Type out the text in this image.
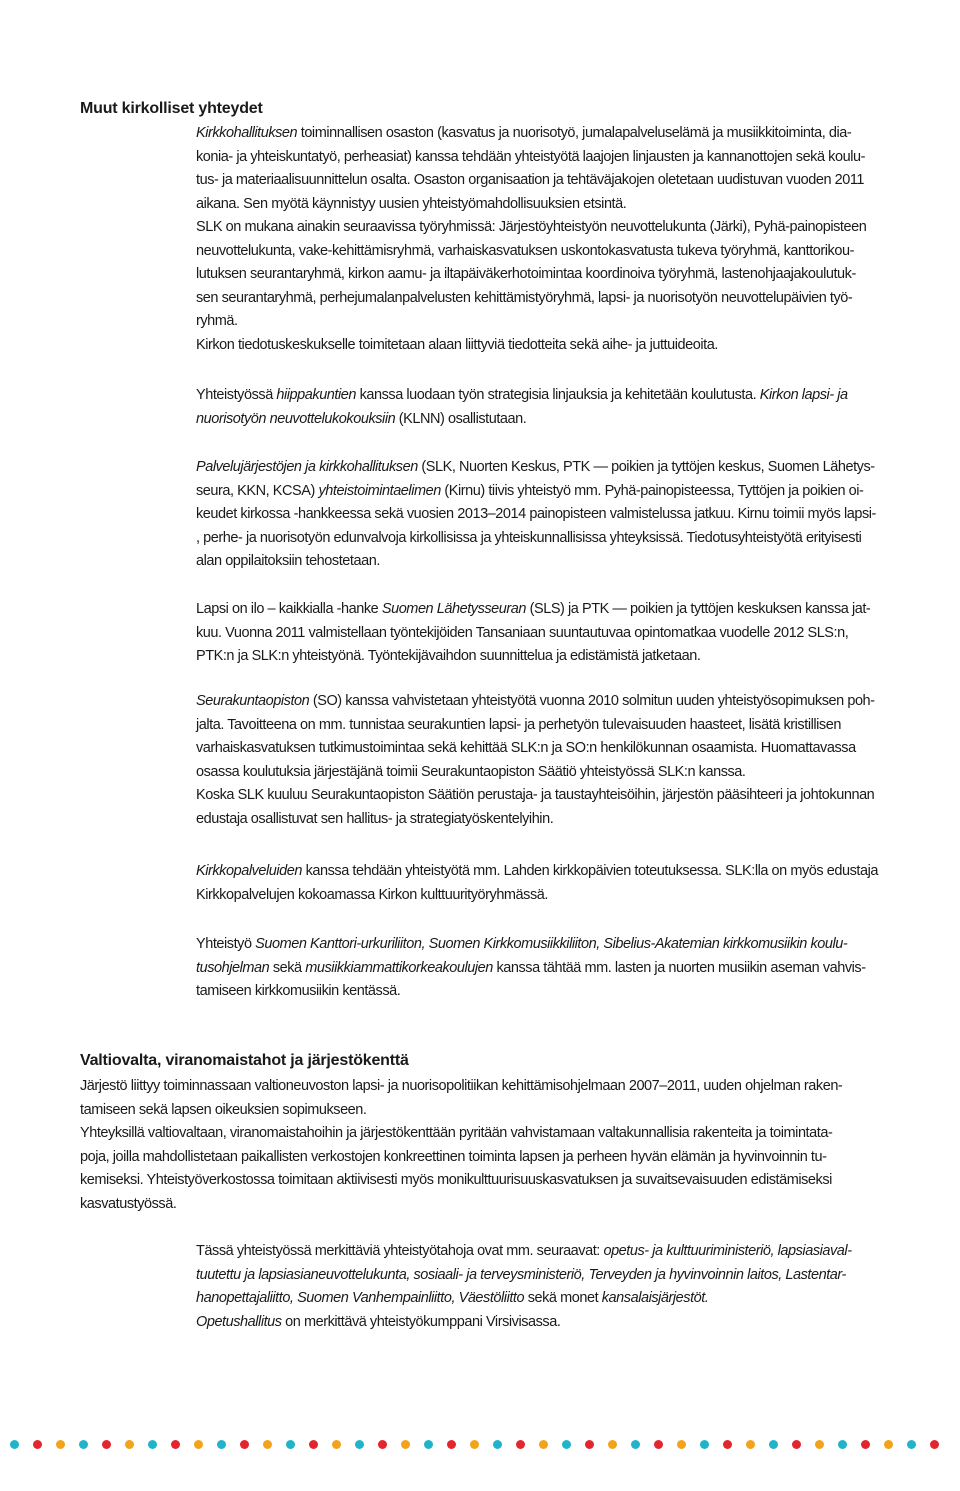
Muut kirkolliset yhteydet
Kirkkohallituksen toiminnallisen osaston (kasvatus ja nuorisotyö, jumalapalveluselämä ja musiikkitoiminta, dia-
konia- ja yhteiskuntatyö, perheasiat) kanssa tehdään yhteistyötä laajojen linjausten ja kannanottojen sekä koulu-
tus- ja materiaalisuunnittelun osalta. Osaston organisaation ja tehtäväjakojen oletetaan uudistuvan vuoden 2011
aikana. Sen myötä käynnistyy uusien yhteistyömahdollisuuksien etsintä.
SLK on mukana ainakin seuraavissa työryhmissä: Järjestöyhteistyön neuvottelukunta (Järki), Pyhä-painopisteen
neuvottelukunta, vake-kehittämisryhmä, varhaiskasvatuksen uskontokasvatusta tukeva työryhmä, kanttorikou-
lutuksen seurantaryhmä, kirkon aamu- ja iltapäiväkerhotoimintaa koordinoiva työryhmä, lastenohjaajakoulutuk-
sen seurantaryhmä, perhejumalanpalvelusten kehittämistyöryhmä, lapsi- ja nuorisotyön neuvottelupäivien työ-
ryhmä.
Kirkon tiedotuskeskukselle toimitetaan alaan liittyviä tiedotteita sekä aihe- ja juttuideoita.
Yhteistyössä hiippakuntien kanssa luodaan työn strategisia linjauksia ja kehitetään koulutusta. Kirkon lapsi- ja
nuorisotyön neuvottelukokouksiin (KLNN) osallistutaan.
Palvelujärjestöjen ja kirkkohallituksen (SLK, Nuorten Keskus, PTK — poikien ja tyttöjen keskus, Suomen Lähetys-
seura, KKN, KCSA) yhteistoimintaelimen (Kirnu) tiivis yhteistyö mm. Pyhä-painopisteessa, Tyttöjen ja poikien oi-
keudet kirkossa -hankkeessa sekä vuosien 2013–2014 painopisteen valmistelussa jatkuu. Kirnu toimii myös lapsi-
, perhe- ja nuorisotyön edunvalvoja kirkollisissa ja yhteiskunnallisissa yhteyksissä. Tiedotusyhteistyötä erityisesti
alan oppilaitoksiin tehostetaan.
Lapsi on ilo – kaikkialla -hanke Suomen Lähetysseuran (SLS) ja PTK — poikien ja tyttöjen keskuksen kanssa jat-
kuu. Vuonna 2011 valmistellaan työntekijöiden Tansaniaan suuntautuvaa opintomatkaa vuodelle 2012 SLS:n,
PTK:n ja SLK:n yhteistyönä. Työntekijävaihdon suunnittelua ja edistämistä jatketaan.
Seurakuntaopiston (SO) kanssa vahvistetaan yhteistyötä vuonna 2010 solmitun uuden yhteistyösopimuksen poh-
jalta. Tavoitteena on mm. tunnistaa seurakuntien lapsi- ja perhetyön tulevaisuuden haasteet, lisätä kristillisen
varhaiskasvatuksen tutkimustoimintaa sekä kehittää SLK:n ja SO:n henkilökunnan osaamista. Huomattavassa
osassa koulutuksia järjestäjänä toimii Seurakuntaopiston Säätiö yhteistyössä SLK:n kanssa.
Koska SLK kuuluu Seurakuntaopiston Säätiön perustaja- ja taustayhteisöihin, järjestön pääsihteeri ja johtokunnan
edustaja osallistuvat sen hallitus- ja strategiatyöskentelyihin.
Kirkkopalveluiden kanssa tehdään yhteistyötä mm. Lahden kirkkopäivien toteutuksessa. SLK:lla on myös edustaja
Kirkkopalvelujen kokoamassa Kirkon kulttuurityöryhmässä.
Yhteistyö Suomen Kanttori-urkuriliiton, Suomen Kirkkomusiikkiliiton, Sibelius-Akatemian kirkkomusiikin koulu-
tusohjelman sekä musiikkiammattikorkeakoulujen kanssa tähtää mm. lasten ja nuorten musiikin aseman vahvis-
tamiseen kirkkomusiikin kentässä.
Valtiovalta, viranomaistahot ja järjestökenttä
Järjestö liittyy toiminnassaan valtioneuvoston lapsi- ja nuorisopolitiikan kehittämisohjelmaan 2007–2011, uuden ohjelman raken-
tamiseen sekä lapsen oikeuksien sopimukseen.
Yhteyksillä valtiovaltaan, viranomaistahoihin ja järjestökenttään pyritään vahvistamaan valtakunnallisia rakenteita ja toimintata-
poja, joilla mahdollistetaan paikallisten verkostojen konkreettinen toiminta lapsen ja perheen hyvän elämän ja hyvinvoinnin tu-
kemiseksi. Yhteistyöverkostossa toimitaan aktiivisesti myös monikulttuurisuuskasvatuksen ja suvaitsevaisuuden edistämiseksi
kasvatustyössä.
Tässä yhteistyössä merkittäviä yhteistyötahoja ovat mm. seuraavat: opetus- ja kulttuuriministeriö, lapsiasiaval-
tuutettu ja lapsiasianeuvottelukunta, sosiaali- ja terveysministeriö, Terveyden ja hyvinvoinnin laitos, Lastentar-
hanopettajaliitto, Suomen Vanhempainliitto, Väestöliitto sekä monet kansalaisjärjestöt.
Opetushallitus on merkittävä yhteistyökumppani Virsivisassa.
